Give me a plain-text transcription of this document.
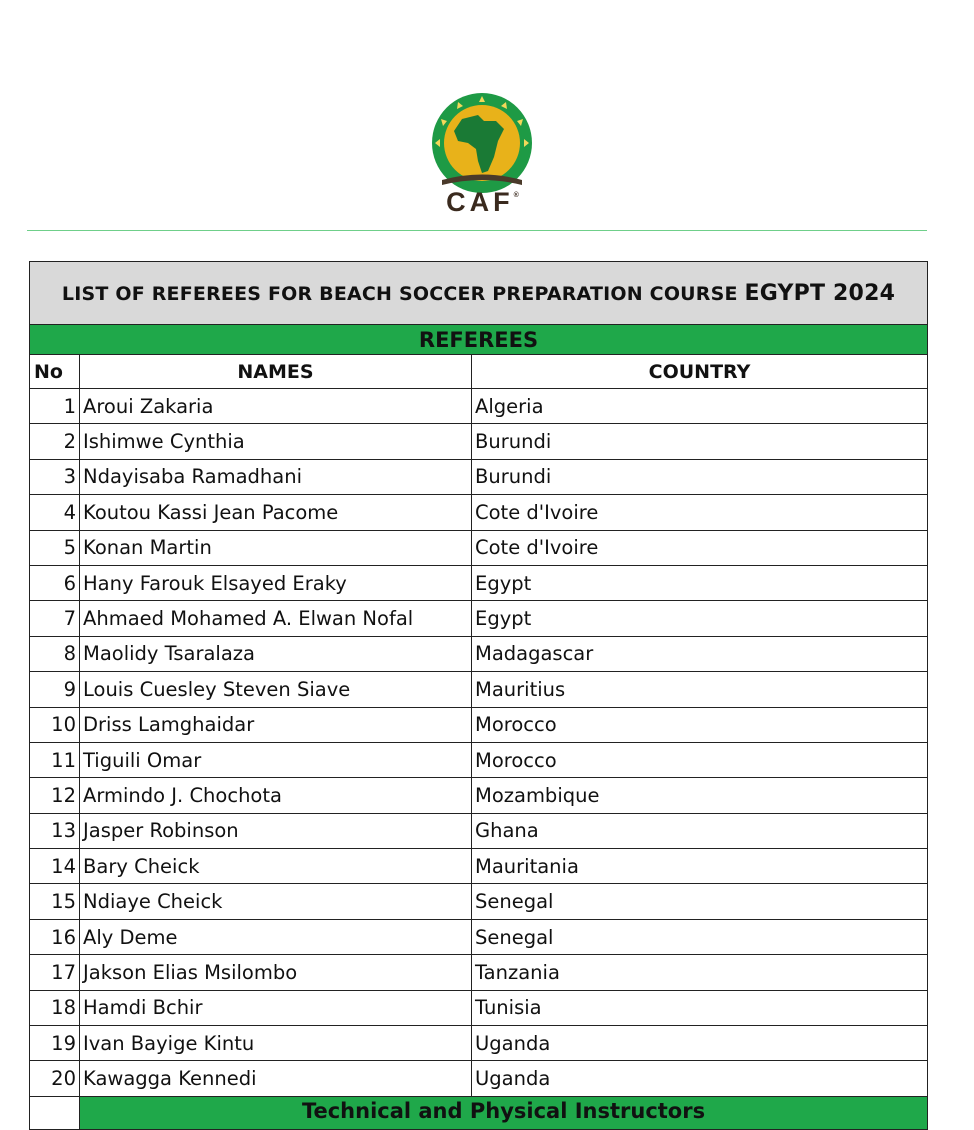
CAF®
LIST OF REFEREES FOR BEACH SOCCER PREPARATION COURSE EGYPT 2024		
REFEREES		
No	NAMES	COUNTRY
1	Aroui Zakaria	Algeria
2	Ishimwe Cynthia	Burundi
3	Ndayisaba Ramadhani	Burundi
4	Koutou Kassi Jean Pacome	Cote d'Ivoire
5	Konan Martin	Cote d'Ivoire
6	Hany Farouk Elsayed Eraky	Egypt
7	Ahmaed Mohamed A. Elwan Nofal	Egypt
8	Maolidy Tsaralaza	Madagascar
9	Louis Cuesley Steven Siave	Mauritius
10	Driss Lamghaidar	Morocco
11	Tiguili Omar	Morocco
12	Armindo J. Chochota	Mozambique
13	Jasper Robinson	Ghana
14	Bary Cheick	Mauritania
15	Ndiaye Cheick	Senegal
16	Aly Deme	Senegal
17	Jakson Elias Msilombo	Tanzania
18	Hamdi Bchir	Tunisia
19	Ivan Bayige Kintu	Uganda
20	Kawagga Kennedi	Uganda
	Technical and Physical Instructors	
